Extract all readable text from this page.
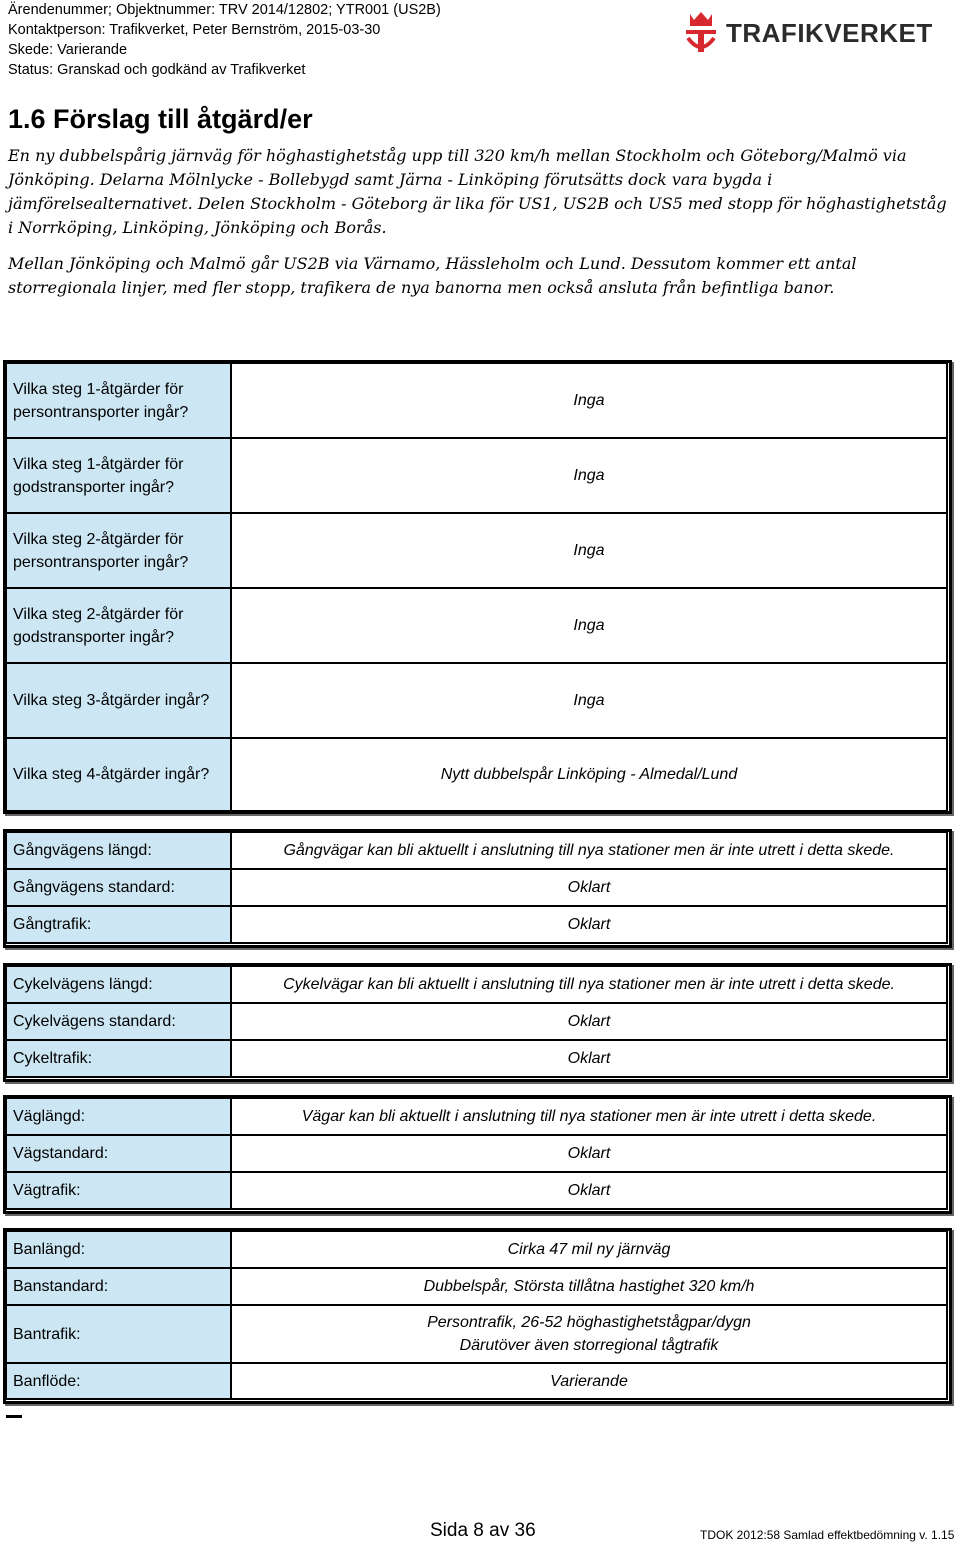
Ärendenummer; Objektnummer: TRV 2014/12802; YTR001 (US2B)
Kontaktperson: Trafikverket, Peter Bernström, 2015-03-30
Skede: Varierande
Status: Granskad och godkänd av Trafikverket
TRAFIKVERKET
1.6 Förslag till åtgärd/er

En ny dubbelspårig järnväg för höghastighetståg upp till 320 km/h mellan Stockholm och Göteborg/Malmö via Jönköping. Delarna Mölnlycke - Bollebygd samt Järna - Linköping förutsätts dock vara bygda i jämförelsealternativet. Delen Stockholm - Göteborg är lika för US1, US2B och US5 med stopp för höghastighetståg i Norrköping, Linköping, Jönköping och Borås.

Mellan Jönköping och Malmö går US2B via Värnamo, Hässleholm och Lund. Dessutom kommer ett antal storregionala linjer, med fler stopp, trafikera de nya banorna men också ansluta från befintliga banor.

Vilka steg 1-åtgärder för persontransporter ingår?	Inga
Vilka steg 1-åtgärder för godstransporter ingår?	Inga
Vilka steg 2-åtgärder för persontransporter ingår?	Inga
Vilka steg 2-åtgärder för godstransporter ingår?	Inga
Vilka steg 3-åtgärder ingår?	Inga
Vilka steg 4-åtgärder ingår?	Nytt dubbelspår Linköping - Almedal/Lund
Gångvägens längd:	Gångvägar kan bli aktuellt i anslutning till nya stationer men är inte utrett i detta skede.
Gångvägens standard:	Oklart
Gångtrafik:	Oklart
Cykelvägens längd:	Cykelvägar kan bli aktuellt i anslutning till nya stationer men är inte utrett i detta skede.
Cykelvägens standard:	Oklart
Cykeltrafik:	Oklart
Väglängd:	Vägar kan bli aktuellt i anslutning till nya stationer men är inte utrett i detta skede.
Vägstandard:	Oklart
Vägtrafik:	Oklart
Banlängd:	Cirka 47 mil ny järnväg
Banstandard:	Dubbelspår, Största tillåtna hastighet 320 km/h
Bantrafik:	Persontrafik, 26-52 höghastighetstågpar/dygn
Därutöver även storregional tågtrafik

Banflöde:	Varierande
Sida 8 av 36	TDOK 2012:58 Samlad effektbedömning v. 1.15
